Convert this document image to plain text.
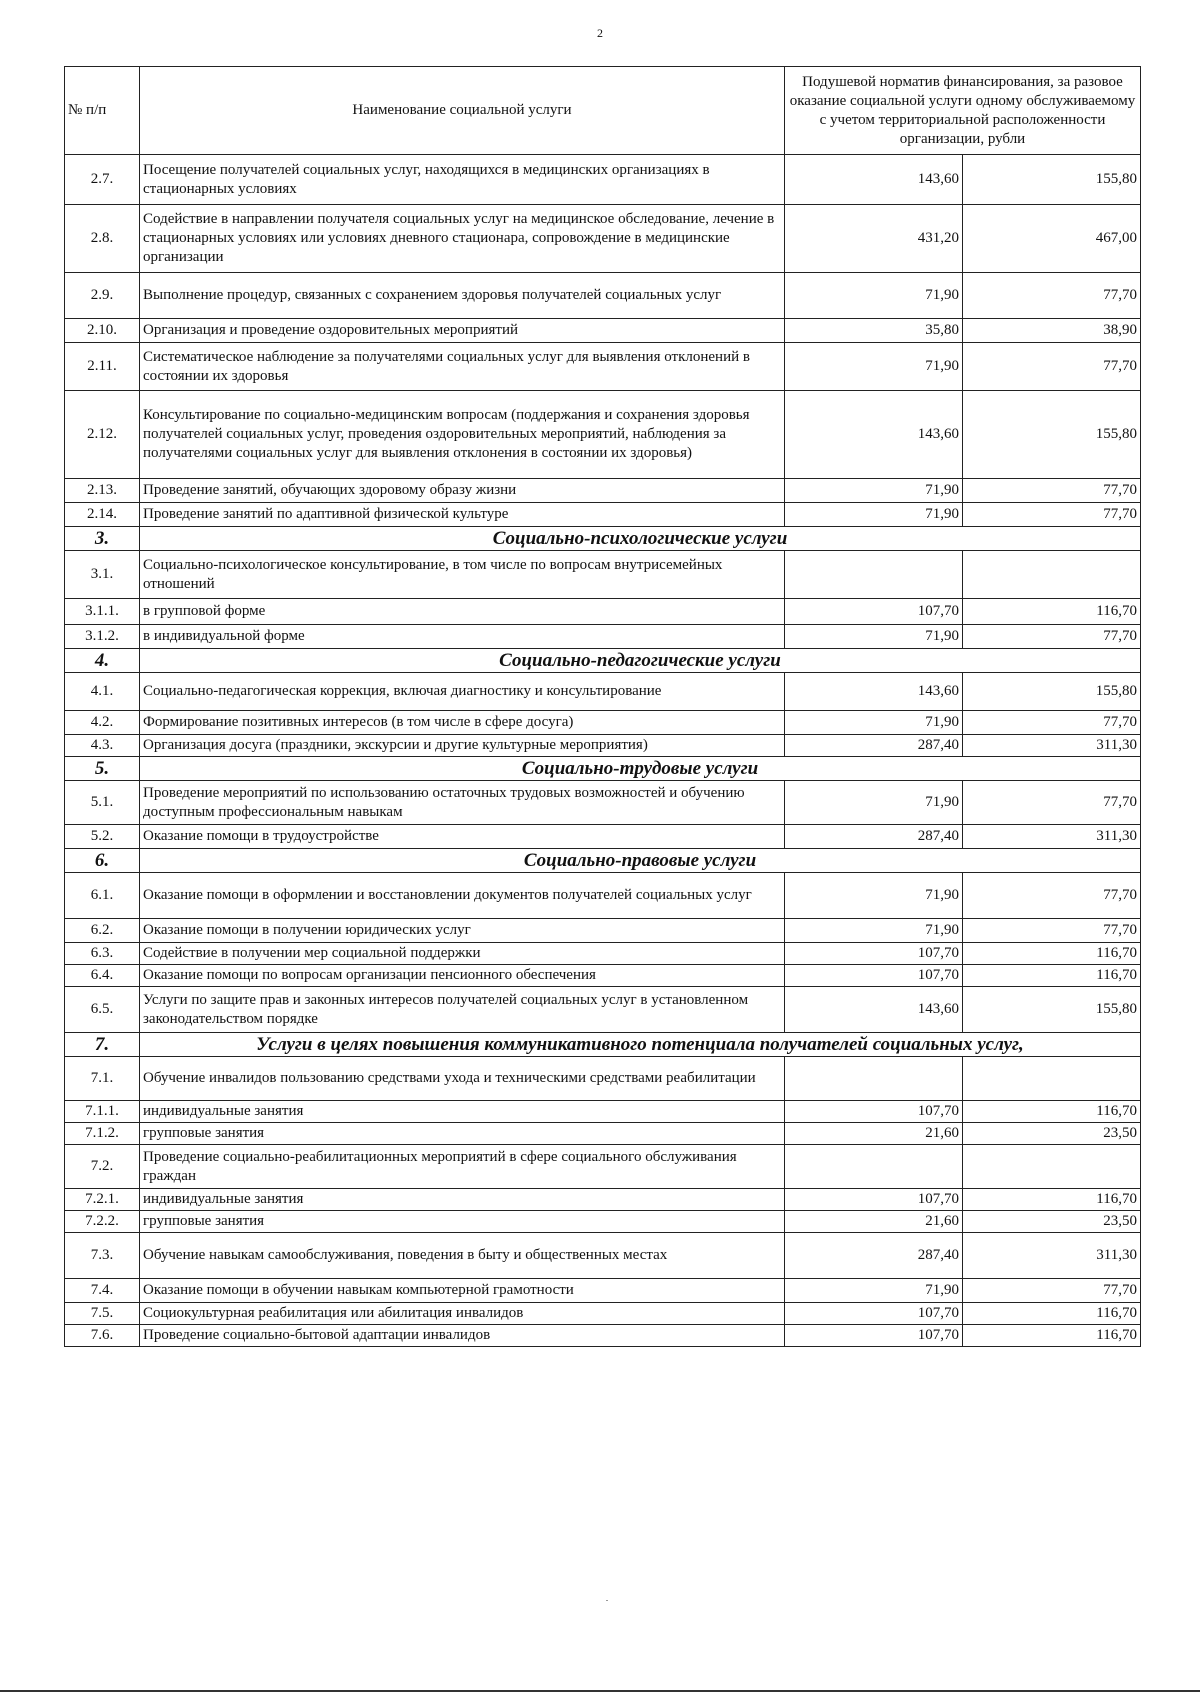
2
№ п/п	Наименование социальной услуги	Подушевой норматив финансирования, за разовое оказание социальной услуги одному обслуживаемому с учетом территориальной расположенности организации, рубли	
2.7.	Посещение получателей социальных услуг, находящихся в медицинских организациях в стационарных условиях	143,60	155,80
2.8.	Содействие в направлении получателя социальных услуг на медицинское обследование, лечение в стационарных условиях или условиях дневного стационара, сопровождение в медицинские организации	431,20	467,00
2.9.	Выполнение процедур, связанных с сохранением здоровья получателей социальных услуг	71,90	77,70
2.10.	Организация и проведение оздоровительных мероприятий	35,80	38,90
2.11.	Систематическое наблюдение за получателями социальных услуг для выявления отклонений в состоянии их здоровья	71,90	77,70
2.12.	Консультирование по социально-медицинским вопросам (поддержания и сохранения здоровья получателей социальных услуг, проведения оздоровительных мероприятий, наблюдения за получателями социальных услуг для выявления отклонения в состоянии их здоровья)	143,60	155,80
2.13.	Проведение занятий, обучающих здоровому образу жизни	71,90	77,70
2.14.	Проведение занятий по адаптивной физической культуре	71,90	77,70
3.	Социально-психологические услуги		
3.1.	Социально-психологическое консультирование, в том числе по вопросам внутрисемейных отношений		
3.1.1.	в групповой форме	107,70	116,70
3.1.2.	в индивидуальной форме	71,90	77,70
4.	Социально-педагогические услуги		
4.1.	Социально-педагогическая коррекция, включая диагностику и консультирование	143,60	155,80
4.2.	Формирование позитивных интересов (в том числе в сфере досуга)	71,90	77,70
4.3.	Организация досуга (праздники, экскурсии и другие культурные мероприятия)	287,40	311,30
5.	Социально-трудовые услуги		
5.1.	Проведение мероприятий по использованию остаточных трудовых возможностей и обучению доступным профессиональным навыкам	71,90	77,70
5.2.	Оказание помощи в трудоустройстве	287,40	311,30
6.	Социально-правовые услуги		
6.1.	Оказание помощи в оформлении и восстановлении документов получателей социальных услуг	71,90	77,70
6.2.	Оказание помощи в получении юридических услуг	71,90	77,70
6.3.	Содействие в получении мер социальной поддержки	107,70	116,70
6.4.	Оказание помощи по вопросам организации пенсионного обеспечения	107,70	116,70
6.5.	Услуги по защите прав и законных интересов получателей социальных услуг в установленном законодательством порядке	143,60	155,80
7.	Услуги в целях повышения коммуникативного потенциала получателей социальных услуг,		
7.1.	Обучение инвалидов пользованию средствами ухода и техническими средствами реабилитации		
7.1.1.	индивидуальные занятия	107,70	116,70
7.1.2.	групповые занятия	21,60	23,50
7.2.	Проведение социально-реабилитационных мероприятий в сфере социального обслуживания граждан		
7.2.1.	индивидуальные занятия	107,70	116,70
7.2.2.	групповые занятия	21,60	23,50
7.3.	Обучение навыкам самообслуживания, поведения в быту и общественных местах	287,40	311,30
7.4.	Оказание помощи в обучении навыкам компьютерной грамотности	71,90	77,70
7.5.	Социокультурная реабилитация или абилитация инвалидов	107,70	116,70
7.6.	Проведение социально-бытовой адаптации инвалидов	107,70	116,70
